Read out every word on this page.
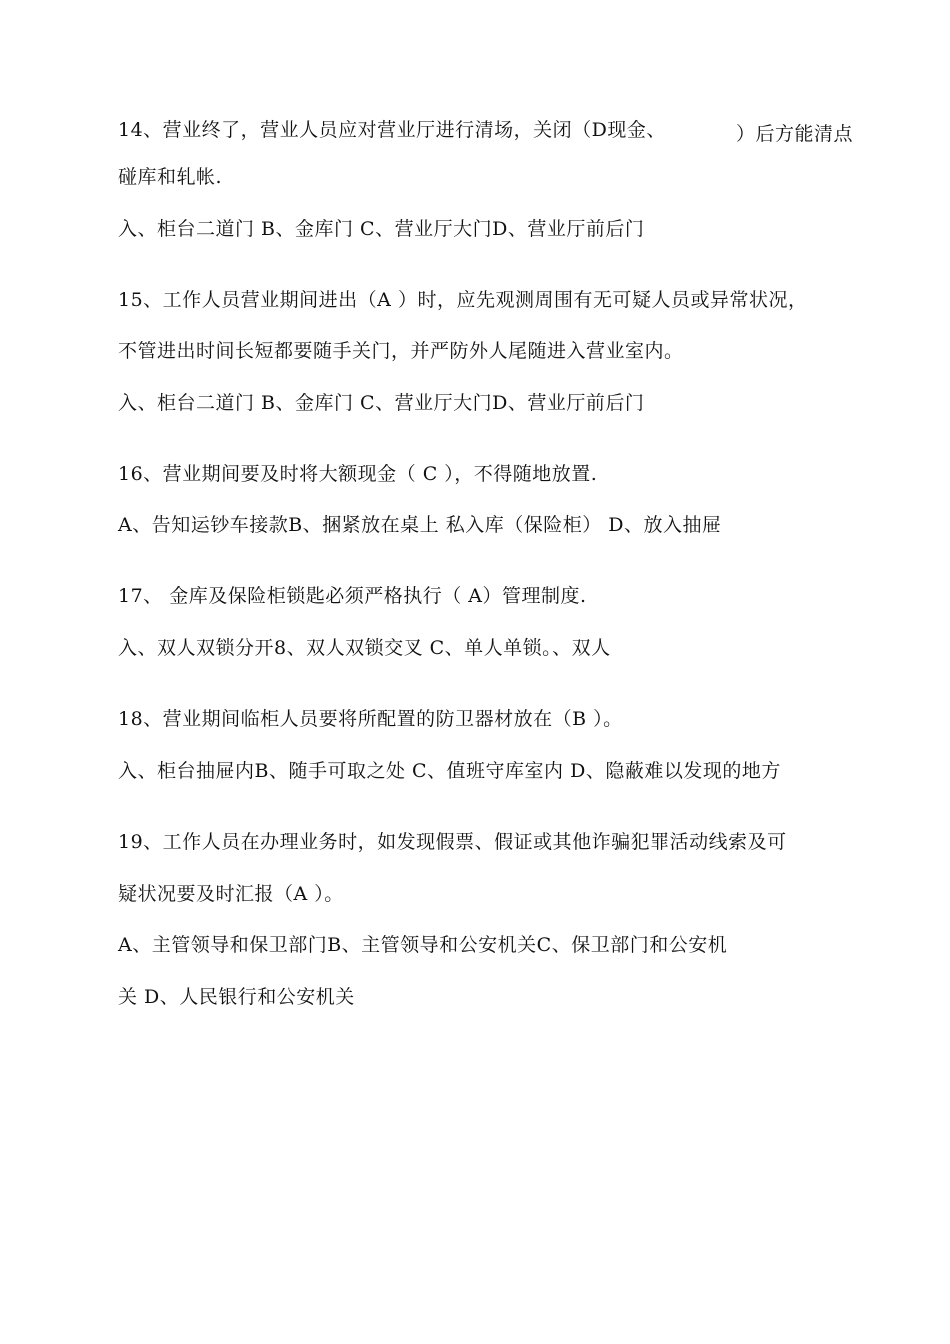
14、营业终了，营业人员应对营业厅进行清场，关闭（D现金、	）后方能清点
碰库和轧帐.
入、柜台二道门 B、金库门 C、营业厅大门D、营业厅前后门
15、工作人员营业期间进出（A ）时，应先观测周围有无可疑人员或异常状况，
不管进出时间长短都要随手关门，并严防外人尾随进入营业室内。
入、柜台二道门 B、金库门 C、营业厅大门D、营业厅前后门
16、营业期间要及时将大额现金（ C ），不得随地放置.
A、告知运钞车接款B、捆紧放在桌上 私入库（保险柜） D、放入抽屉
17、 金库及保险柜锁匙必须严格执行（ A）管理制度.
入、双人双锁分开8、双人双锁交叉 C、单人单锁。、双人
18、营业期间临柜人员要将所配置的防卫器材放在（B ）。
入、柜台抽屉内B、随手可取之处 C、值班守库室内 D、隐蔽难以发现的地方
19、工作人员在办理业务时，如发现假票、假证或其他诈骗犯罪活动线索及可
疑状况要及时汇报（A ）。
A、主管领导和保卫部门B、主管领导和公安机关C、保卫部门和公安机
关 D、人民银行和公安机关
